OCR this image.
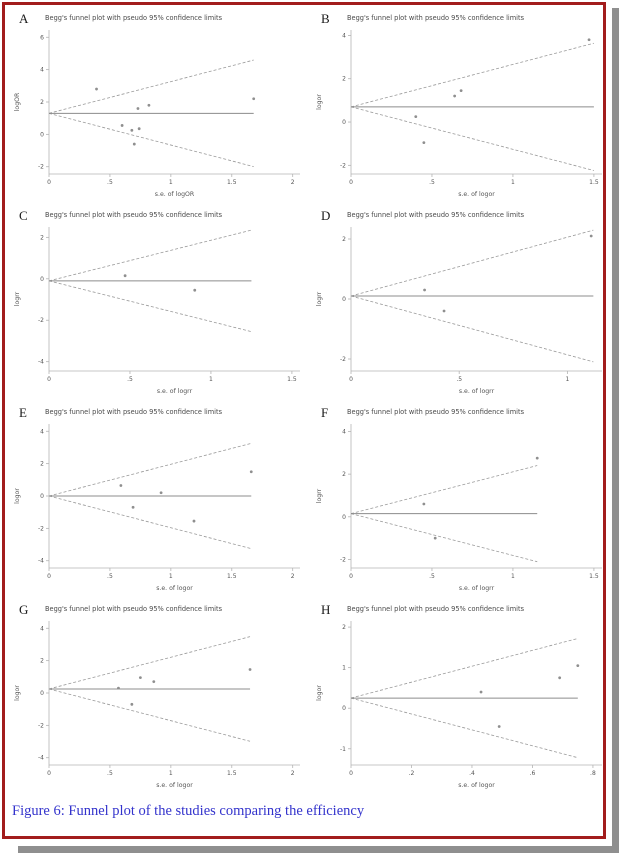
A	Begg's funnel plot with pseudo 95% confidence limits
-2
0
2
4
6
0	.5	1	1.5	2
logOR
s.e. of logOR
B	Begg's funnel plot with pseudo 95% confidence limits
-2
0
2
4
0	.5	1	1.5
logor
s.e. of logor
C	Begg's funnel plot with pseudo 95% confidence limits
-4
-2
0
2
0	.5	1	1.5
logrr
s.e. of logrr
D	Begg's funnel plot with pseudo 95% confidence limits
-2
0
2
0	.5	1
logrr
s.e. of logrr
E	Begg's funnel plot with pseudo 95% confidence limits
-4
-2
0
2
4
0	.5	1	1.5	2
logor
s.e. of logor
F	Begg's funnel plot with pseudo 95% confidence limits
-2
0
2
4
0	.5	1	1.5
logrr
s.e. of logrr
G	Begg's funnel plot with pseudo 95% confidence limits
-4
-2
0
2
4
0	.5	1	1.5	2
logor
s.e. of logor
H	Begg's funnel plot with pseudo 95% confidence limits
-1
0
1
2
0	.2	.4	.6	.8
logor
s.e. of logor

Figure 6: Funnel plot of the studies comparing the efficiency
